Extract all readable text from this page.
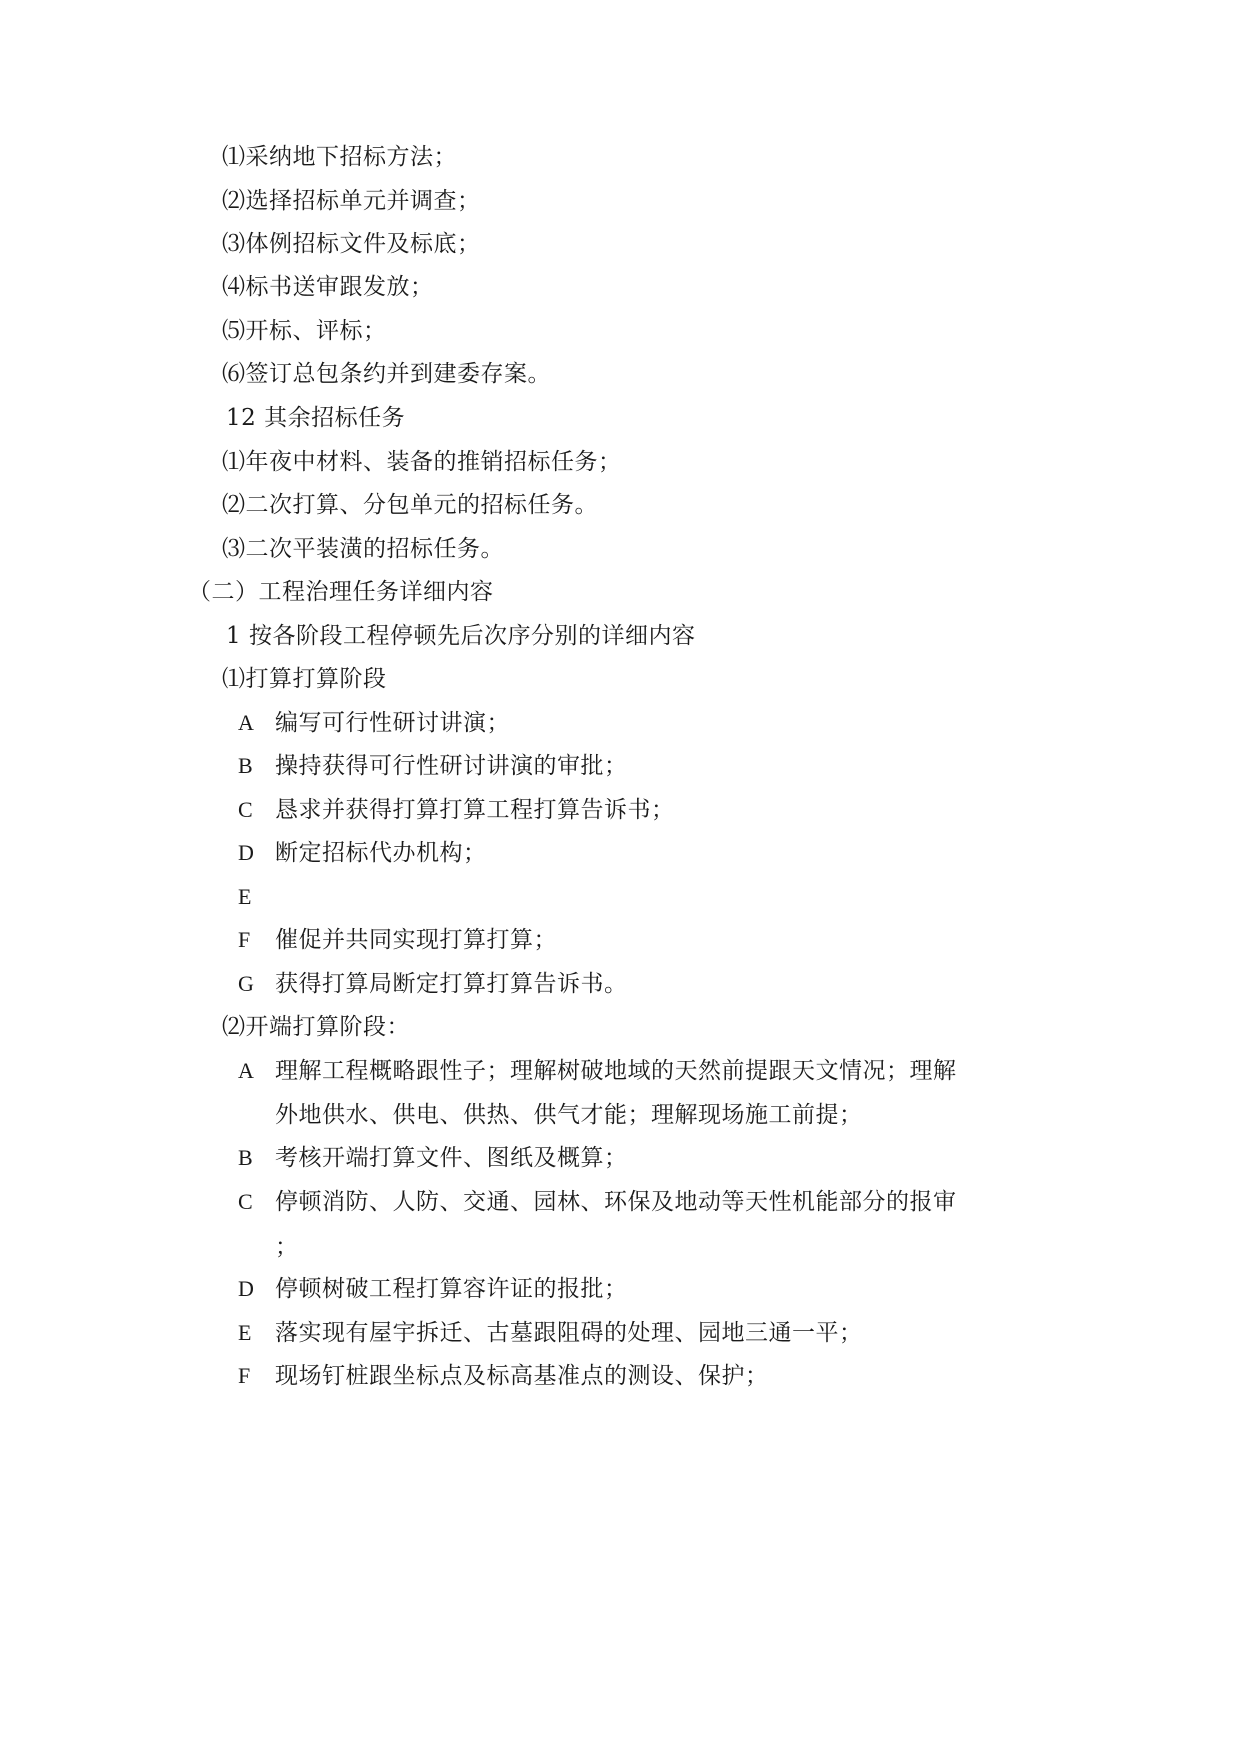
⑴采纳地下招标方法；
⑵选择招标单元并调查；
⑶体例招标文件及标底；
⑷标书送审跟发放；
⑸开标、评标；
⑹签订总包条约并到建委存案。
12 其余招标任务
⑴年夜中材料、装备的推销招标任务；
⑵二次打算、分包单元的招标任务。
⑶二次平装潢的招标任务。
（二）工程治理任务详细内容
1 按各阶段工程停顿先后次序分别的详细内容
⑴打算打算阶段
A 编写可行性研讨讲演；
B 操持获得可行性研讨讲演的审批；
C 恳求并获得打算打算工程打算告诉书；
D 断定招标代办机构；
E
F 催促并共同实现打算打算；
G 获得打算局断定打算打算告诉书。
⑵开端打算阶段：
A 理解工程概略跟性子；理解树破地域的天然前提跟天文情况；理解
外地供水、供电、供热、供气才能；理解现场施工前提；
B 考核开端打算文件、图纸及概算；
C 停顿消防、人防、交通、园林、环保及地动等天性机能部分的报审
；
D 停顿树破工程打算容许证的报批；
E 落实现有屋宇拆迁、古墓跟阻碍的处理、园地三通一平；
F 现场钉桩跟坐标点及标高基准点的测设、保护；
